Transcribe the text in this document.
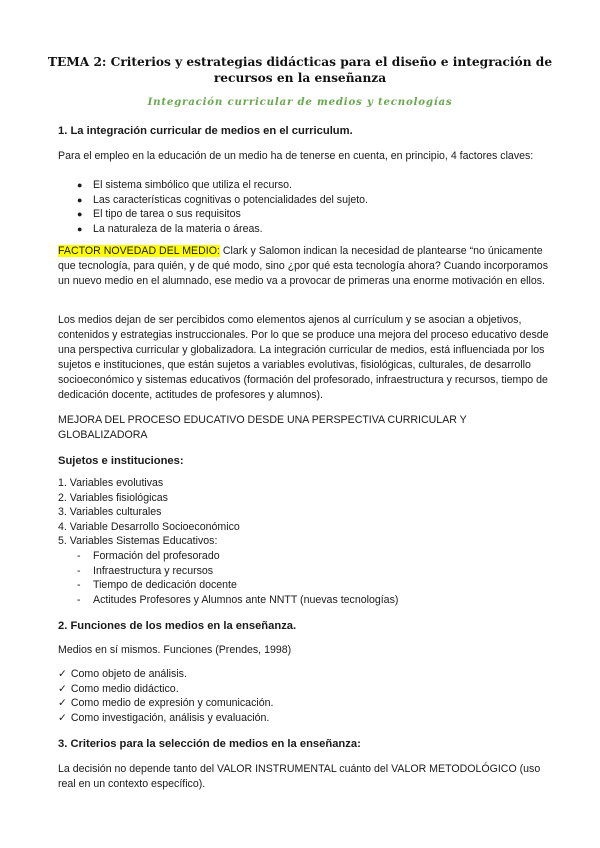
TEMA 2: Criterios y estrategias didácticas para el diseño e integración de recursos en la enseñanza
Integración curricular de medios y tecnologías
1. La integración curricular de medios en el curriculum.

Para el empleo en la educación de un medio ha de tenerse en cuenta, en principio, 4 factores claves:

● El sistema simbólico que utiliza el recurso.
● Las características cognitivas o potencialidades del sujeto.
● El tipo de tarea o sus requisitos
● La naturaleza de la materia o áreas.

FACTOR NOVEDAD DEL MEDIO: Clark y Salomon indican la necesidad de plantearse “no únicamente que tecnología, para quién, y de qué modo, sino ¿por qué esta tecnología ahora? Cuando incorporamos un nuevo medio en el alumnado, ese medio va a provocar de primeras una enorme motivación en ellos.

Los medios dejan de ser percibidos como elementos ajenos al currículum y se asocian a objetivos, contenidos y estrategias instruccionales. Por lo que se produce una mejora del proceso educativo desde una perspectiva curricular y globalizadora. La integración curricular de medios, está influenciada por los sujetos e instituciones, que están sujetos a variables evolutivas, fisiológicas, culturales, de desarrollo socioeconómico y sistemas educativos (formación del profesorado, infraestructura y recursos, tiempo de dedicación docente, actitudes de profesores y alumnos).

MEJORA DEL PROCESO EDUCATIVO DESDE UNA PERSPECTIVA CURRICULAR Y GLOBALIZADORA

Sujetos e instituciones:
1. Variables evolutivas
2. Variables fisiológicas
3. Variables culturales
4. Variable Desarrollo Socioeconómico
5. Variables Sistemas Educativos:
- Formación del profesorado
- Infraestructura y recursos
- Tiempo de dedicación docente
- Actitudes Profesores y Alumnos ante NNTT (nuevas tecnologías)
2. Funciones de los medios en la enseñanza.

Medios en sí mismos. Funciones (Prendes, 1998)

✓ Como objeto de análisis.
✓ Como medio didáctico.
✓ Como medio de expresión y comunicación.
✓ Como investigación, análisis y evaluación.
3. Criterios para la selección de medios en la enseñanza:

La decisión no depende tanto del VALOR INSTRUMENTAL cuánto del VALOR METODOLÓGICO (uso real en un contexto específico).
